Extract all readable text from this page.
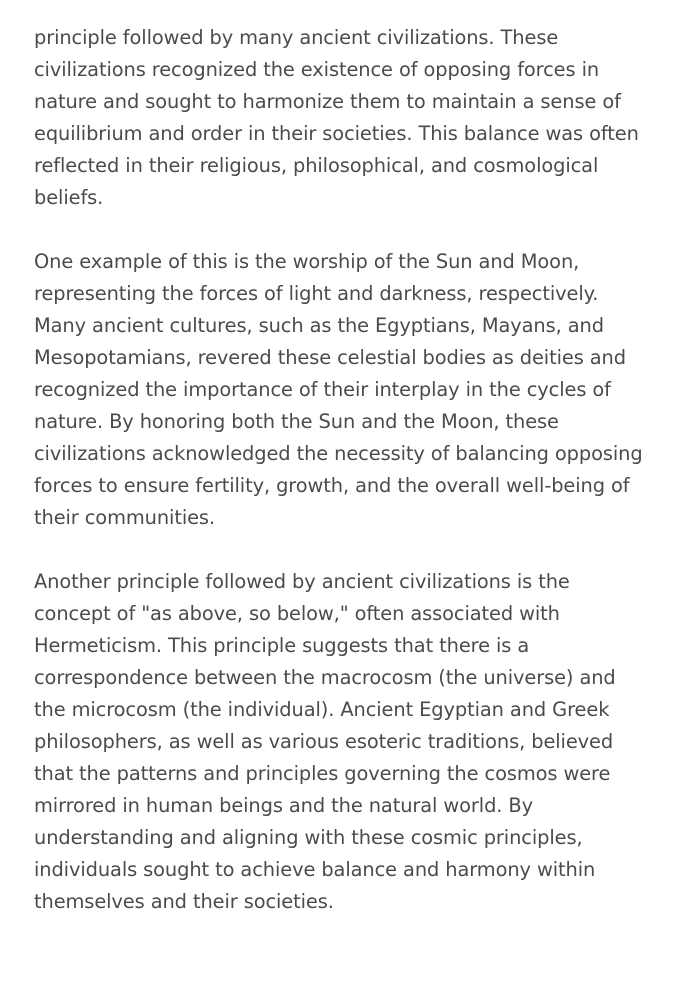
principle followed by many ancient civilizations. These
civilizations recognized the existence of opposing forces in
nature and sought to harmonize them to maintain a sense of
equilibrium and order in their societies. This balance was often
reflected in their religious, philosophical, and cosmological
beliefs.

One example of this is the worship of the Sun and Moon,
representing the forces of light and darkness, respectively.
Many ancient cultures, such as the Egyptians, Mayans, and
Mesopotamians, revered these celestial bodies as deities and
recognized the importance of their interplay in the cycles of
nature. By honoring both the Sun and the Moon, these
civilizations acknowledged the necessity of balancing opposing
forces to ensure fertility, growth, and the overall well-being of
their communities.

Another principle followed by ancient civilizations is the
concept of "as above, so below," often associated with
Hermeticism. This principle suggests that there is a
correspondence between the macrocosm (the universe) and
the microcosm (the individual). Ancient Egyptian and Greek
philosophers, as well as various esoteric traditions, believed
that the patterns and principles governing the cosmos were
mirrored in human beings and the natural world. By
understanding and aligning with these cosmic principles,
individuals sought to achieve balance and harmony within
themselves and their societies.
